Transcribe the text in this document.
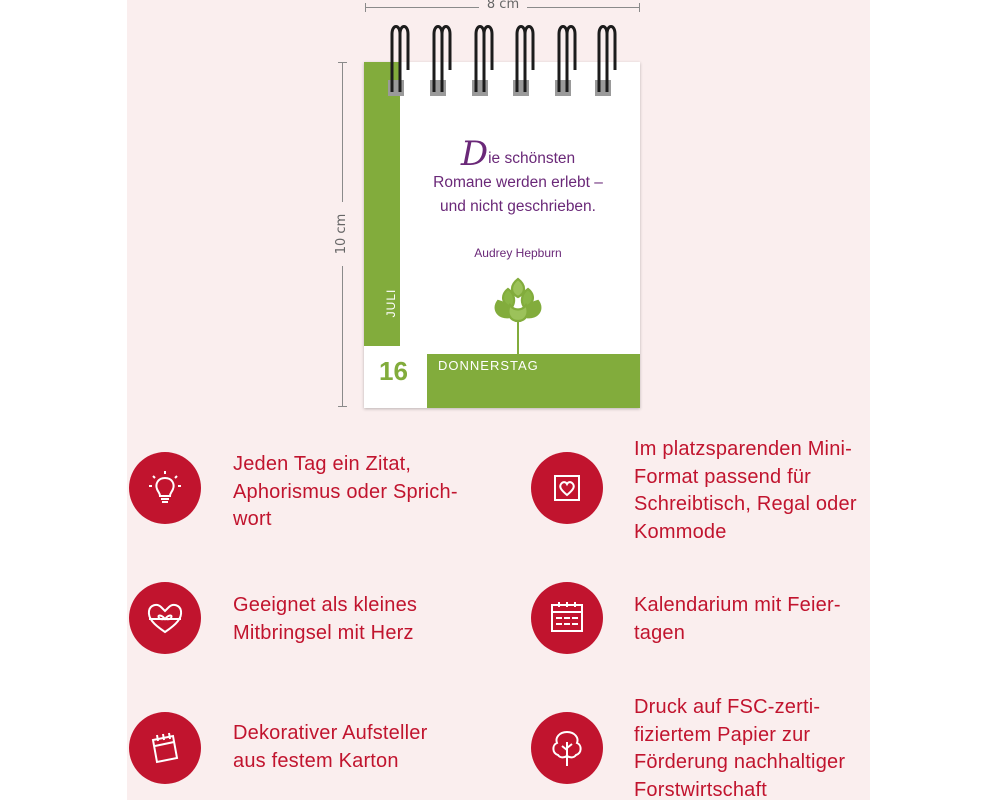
8 cm
10 cm
JULI
Die schönsten
Romane werden erlebt –
und nicht geschrieben.
Audrey Hepburn
16 DONNERSTAG
Jeden Tag ein Zitat,
Aphorismus oder Sprich-
wort
Im platzsparenden Mini-
Format passend für
Schreibtisch, Regal oder
Kommode
Geeignet als kleines
Mitbringsel mit Herz
Kalendarium mit Feier-
tagen
Dekorativer Aufsteller
aus festem Karton
Druck auf FSC-zerti-
fiziertem Papier zur
Förderung nachhaltiger
Forstwirtschaft
